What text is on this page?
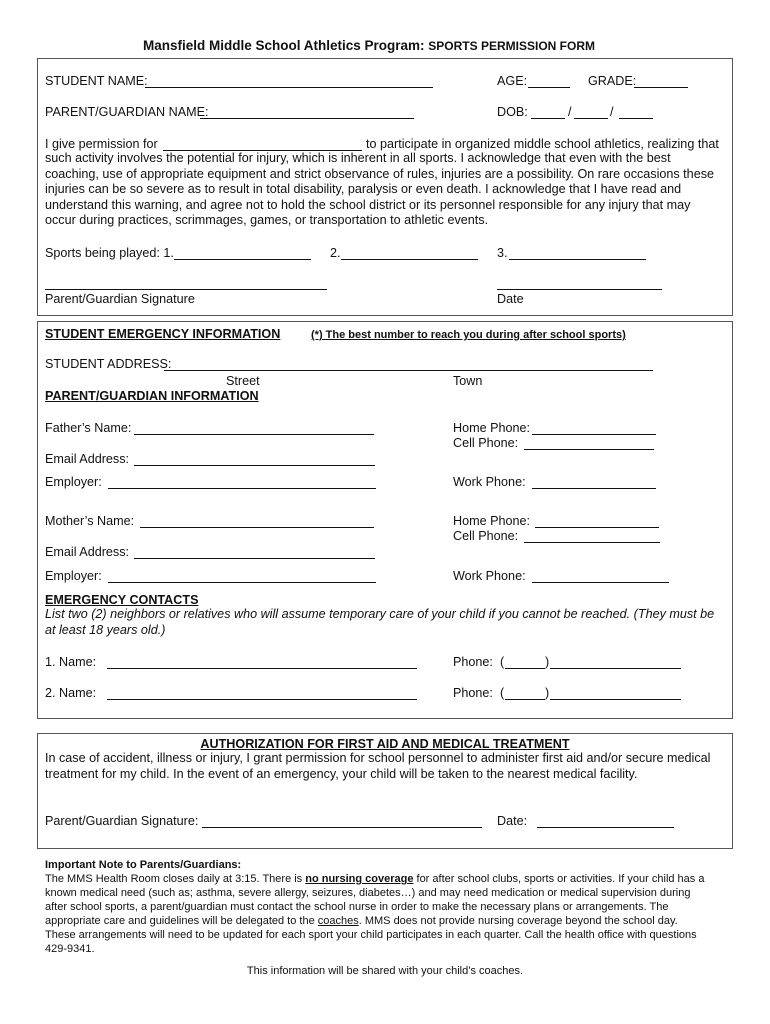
Mansfield Middle School Athletics Program: SPORTS PERMISSION FORM
STUDENT NAME:	AGE:	GRADE:
PARENT/GUARDIAN NAME:	DOB:	/	/
I give permission for	to participate in organized middle school athletics, realizing that
such activity involves the potential for injury, which is inherent in all sports. I acknowledge that even with the best
coaching, use of appropriate equipment and strict observance of rules, injuries are a possibility. On rare occasions these
injuries can be so severe as to result in total disability, paralysis or even death. I acknowledge that I have read and
understand this warning, and agree not to hold the school district or its personnel responsible for any injury that may
occur during practices, scrimmages, games, or transportation to athletic events.
Sports being played: 1.	2.	3.
Parent/Guardian Signature	Date
STUDENT EMERGENCY INFORMATION	(*) The best number to reach you during after school sports)
STUDENT ADDRESS:
Street	Town
PARENT/GUARDIAN INFORMATION
Father’s Name:	Home Phone:
Cell Phone:
Email Address:
Employer:	Work Phone:
Mother’s Name:	Home Phone:
Cell Phone:
Email Address:
Employer:	Work Phone:
EMERGENCY CONTACTS
List two (2) neighbors or relatives who will assume temporary care of your child if you cannot be reached. (They must be
at least 18 years old.)
1. Name:	Phone: (	)
2. Name:	Phone: (	)
AUTHORIZATION FOR FIRST AID AND MEDICAL TREATMENT
In case of accident, illness or injury, I grant permission for school personnel to administer first aid and/or secure medical
treatment for my child. In the event of an emergency, your child will be taken to the nearest medical facility.
Parent/Guardian Signature:	Date:
Important Note to Parents/Guardians:
The MMS Health Room closes daily at 3:15. There is no nursing coverage for after school clubs, sports or activities. If your child has a
known medical need (such as; asthma, severe allergy, seizures, diabetes…) and may need medication or medical supervision during
after school sports, a parent/guardian must contact the school nurse in order to make the necessary plans or arrangements. The
appropriate care and guidelines will be delegated to the coaches. MMS does not provide nursing coverage beyond the school day.
These arrangements will need to be updated for each sport your child participates in each quarter. Call the health office with questions
429-9341.
This information will be shared with your child’s coaches.
